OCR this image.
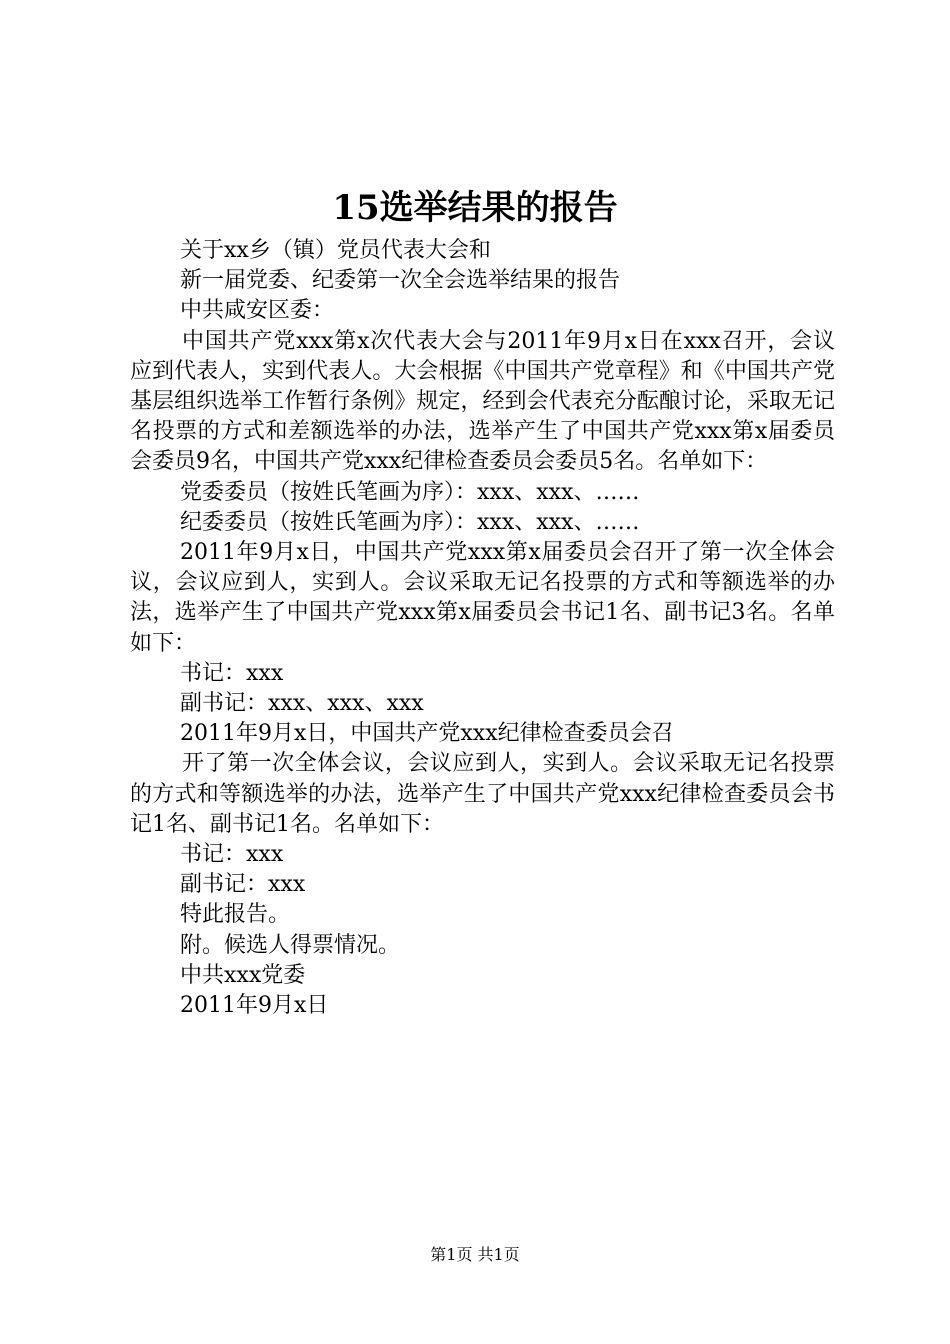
15选举结果的报告

关于xx乡（镇）党员代表大会和

新一届党委、纪委第一次全会选举结果的报告

中共咸安区委：

中国共产党xxx第x次代表大会与2011年9月x日在xxx召开，会议应到代表人，实到代表人。大会根据《中国共产党章程》和《中国共产党基层组织选举工作暂行条例》规定，经到会代表充分酝酿讨论，采取无记名投票的方式和差额选举的办法，选举产生了中国共产党xxx第x届委员会委员9名，中国共产党xxx纪律检查委员会委员5名。名单如下：

党委委员（按姓氏笔画为序）：xxx、xxx、……

纪委委员（按姓氏笔画为序）：xxx、xxx、……

2011年9月x日，中国共产党xxx第x届委员会召开了第一次全体会议，会议应到人，实到人。会议采取无记名投票的方式和等额选举的办法，选举产生了中国共产党xxx第x届委员会书记1名、副书记3名。名单如下：

书记：xxx

副书记：xxx、xxx、xxx

2011年9月x日，中国共产党xxx纪律检查委员会召

开了第一次全体会议，会议应到人，实到人。会议采取无记名投票的方式和等额选举的办法，选举产生了中国共产党xxx纪律检查委员会书记1名、副书记1名。名单如下：

书记：xxx

副书记：xxx

特此报告。

附。候选人得票情况。

中共xxx党委

2011年9月x日

第1页 共1页
